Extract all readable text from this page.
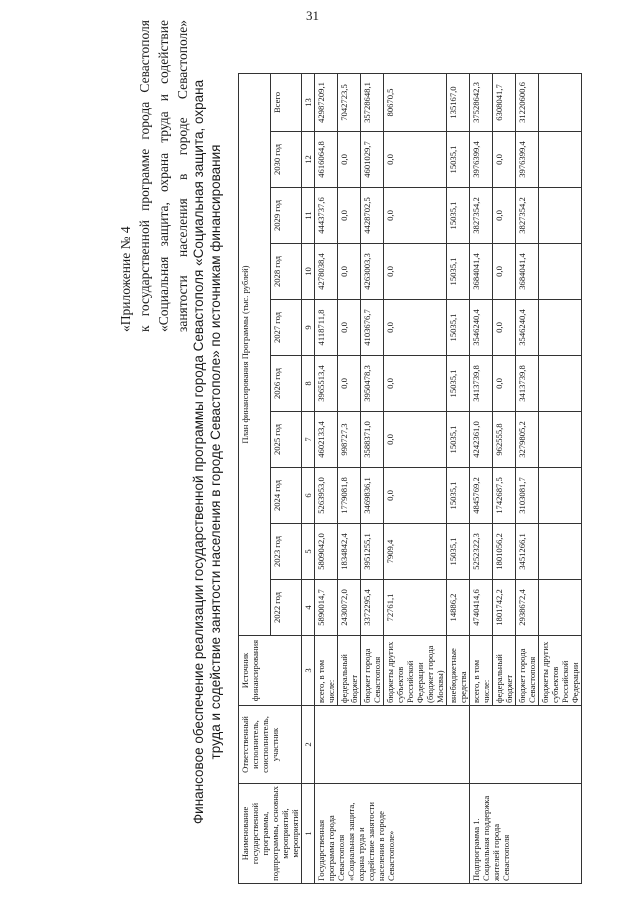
31
«Приложение № 4 к государственной программе города Севастополя «Социальная защита, охрана труда и содействие занятости населения в городе Севастополе» Финансовое обеспечение реализации государственной программы города Севастополя «Социальная защита, охрана труда и содействие занятости населения в городе Севастополе» по источникам финансирования
Наименование государственной программы, подпрограммы, основных мероприятий, мероприятий	Ответственный исполнитель, соисполнитель, участник	Источник финансирования	План финансирования Программы (тыс. рублей)									
			2022 год	2023 год	2024 год	2025 год	2026 год	2027 год	2028 год	2029 год	2030 год	Всего
1	2	3	4	5	6	7	8	9	10	11	12	13
Государственная программа города Севастополя «Социальная защита, охрана труда и содействие занятости населения в городе Севастополе»		всего, в том числе:	5890014,7	5809042,0	5263953,0	4602133,4	3965513,4	4118711,8	4278038,4	4443737,6	4616064,8	42987209,1
		федеральный бюджет	2430072,0	1834842,4	1779081,8	998727,3	0,0	0,0	0,0	0,0	0,0	7042723,5
		бюджет города Севастополя	3372295,4	3951255,1	3469836,1	3588371,0	3950478,3	4103676,7	4263003,3	4428702,5	4601029,7	35728648,1
		бюджеты других субъектов Российской Федерации (бюджет города Москвы)	72761,1	7909,4	0,0	0,0	0,0	0,0	0,0	0,0	0,0	80670,5
		внебюджетные средства	14886,2	15035,1	15035,1	15035,1	15035,1	15035,1	15035,1	15035,1	15035,1	135167,0
Подпрограмма 1. Социальная поддержка жителей города Севастополя		всего, в том числе:	4740414,6	5252322,3	4845769,2	4242361,0	3413739,8	3546240,4	3684041,4	3827354,2	3976399,4	37528642,3
		федеральный бюджет	1801742,2	1801056,2	1742687,5	962555,8	0,0	0,0	0,0	0,0	0,0	6308041,7
		бюджет города Севастополя	2938672,4	3451266,1	3103081,7	3279805,2	3413739,8	3546240,4	3684041,4	3827354,2	3976399,4	31220600,6
		бюджеты других субъектов Российской Федерации										
